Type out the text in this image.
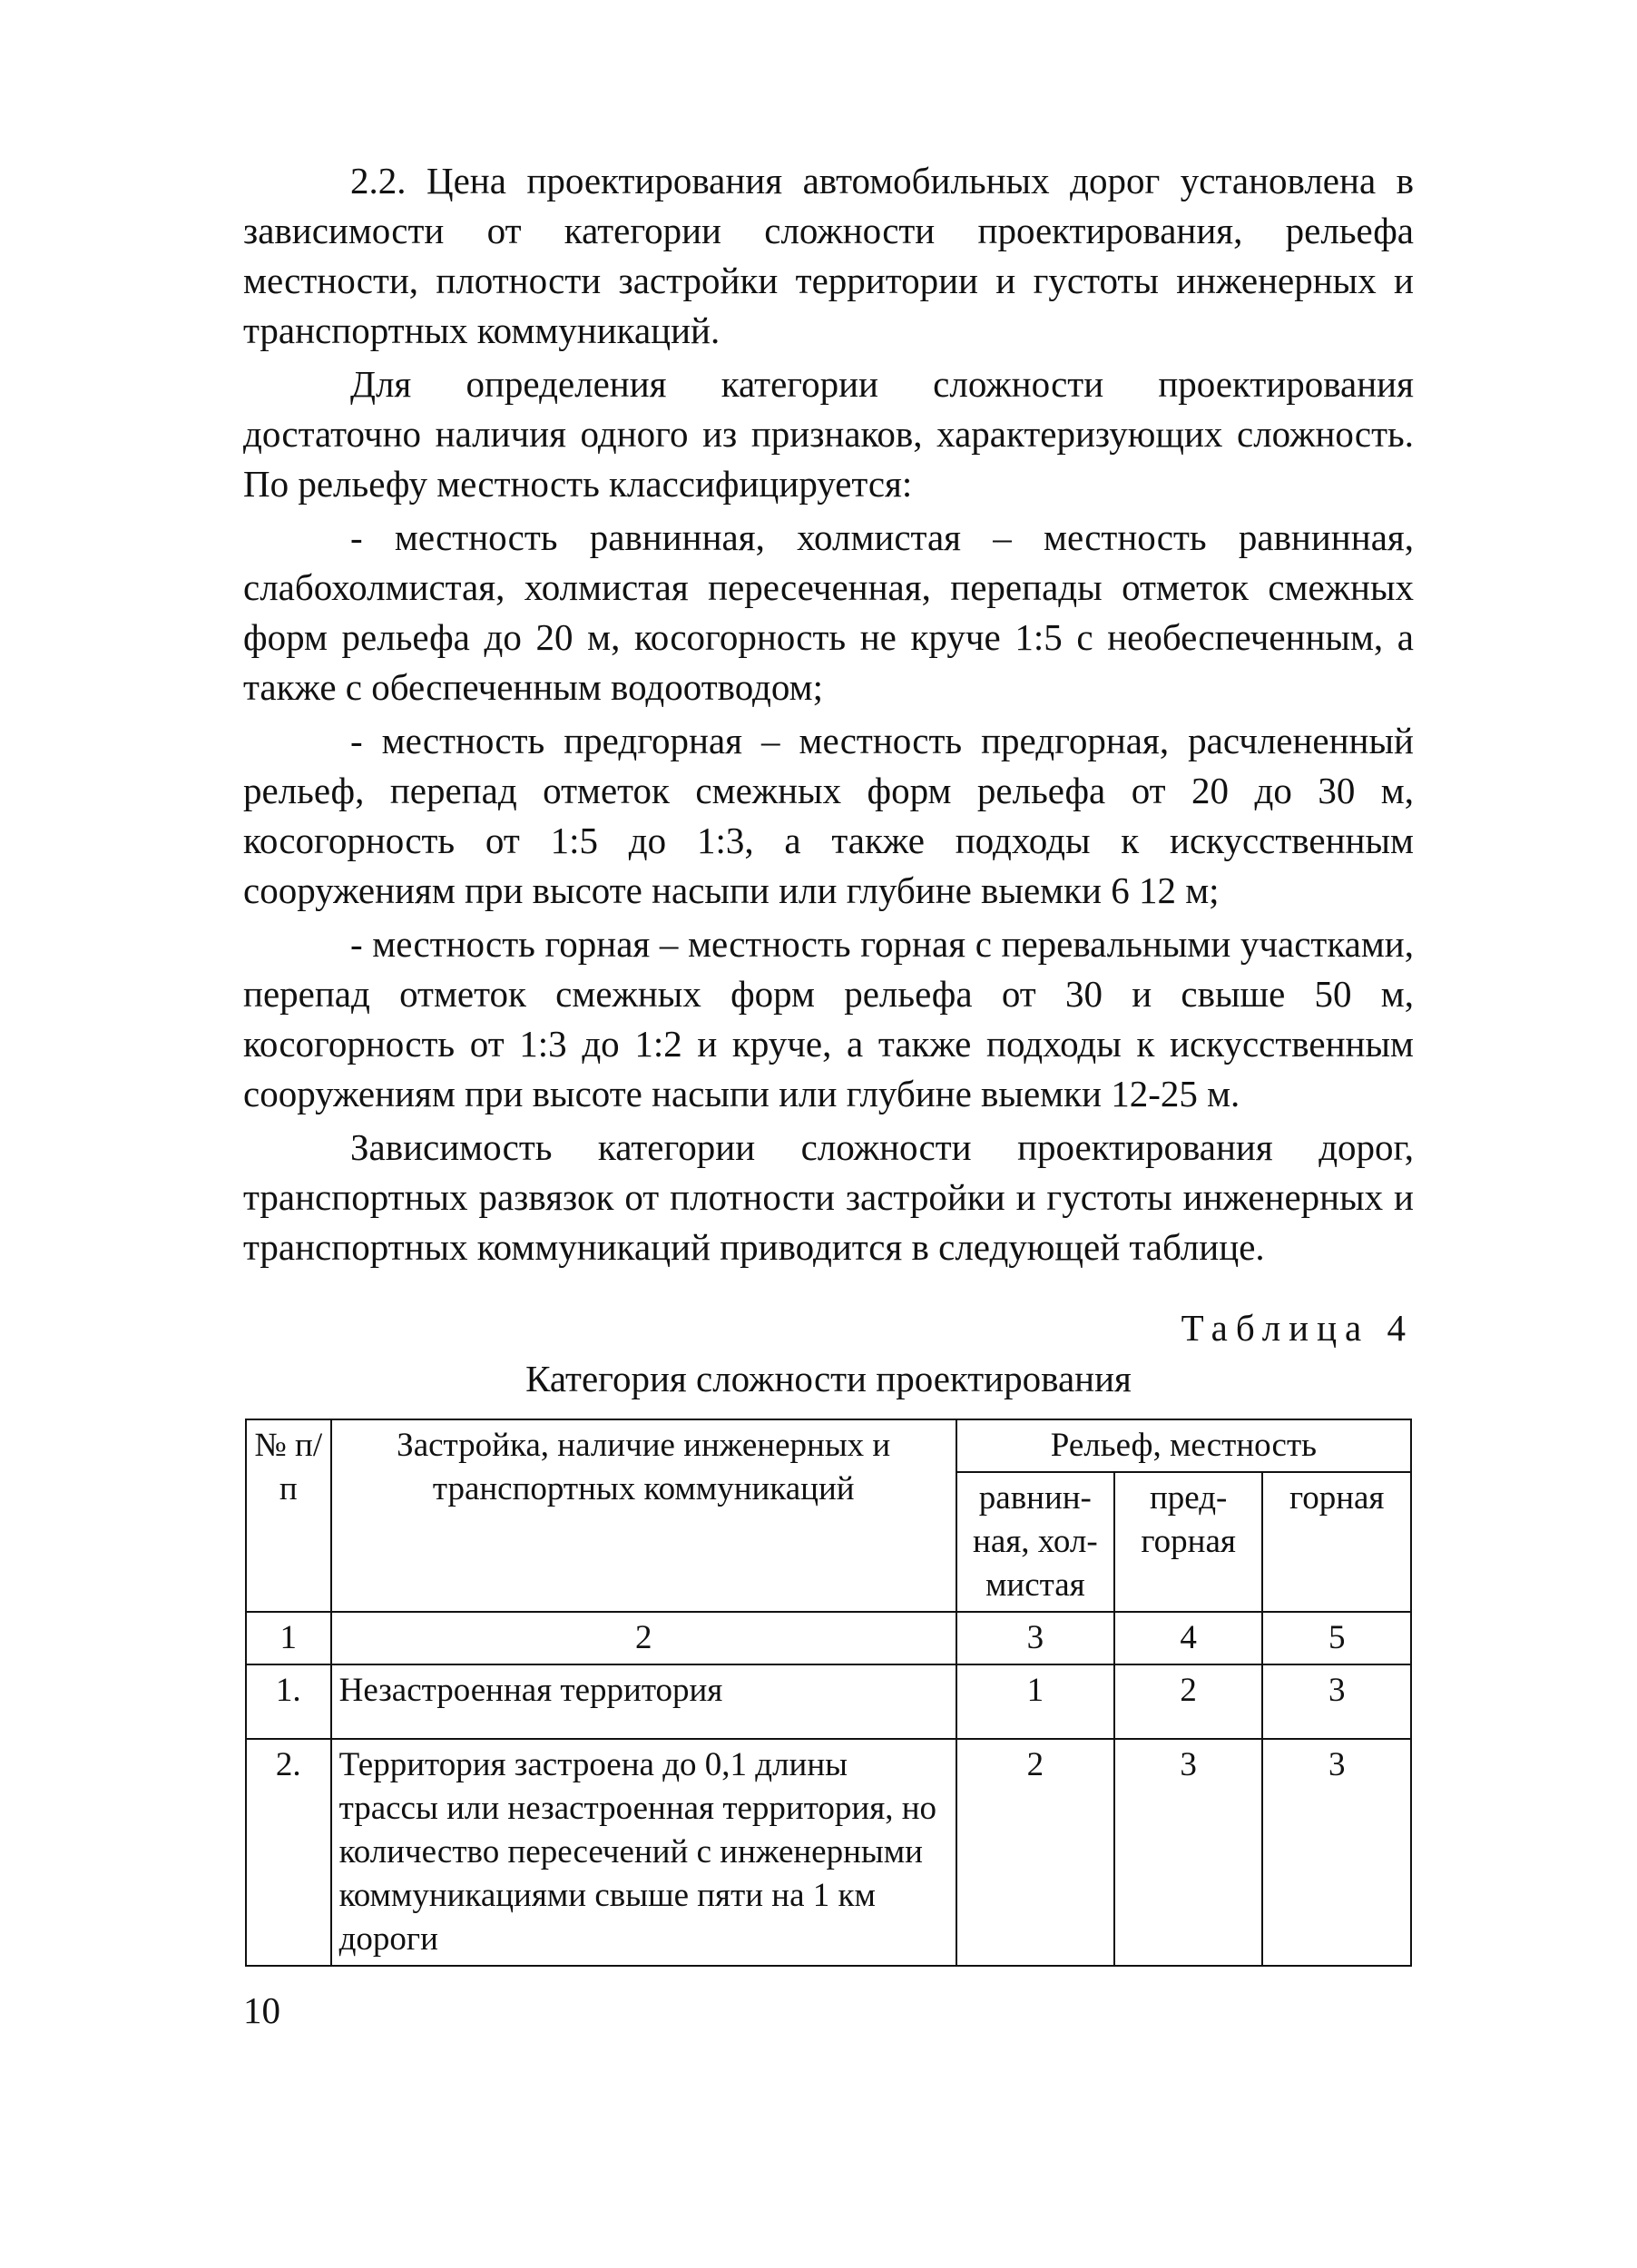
2.2. Цена проектирования автомобильных дорог установлена в зависимости от категории сложности проектирования, рельефа местности, плотности застройки территории и густоты инженерных и транспортных коммуникаций.

Для определения категории сложности проектирования достаточно наличия одного из признаков, характеризующих сложность. По рельефу местность классифицируется:

- местность равнинная, холмистая – местность равнинная, слабохолмистая, холмистая пересеченная, перепады отметок смежных форм рельефа до 20 м, косогорность не круче 1:5 с необеспеченным, а также с обеспеченным водоотводом;

- местность предгорная – местность предгорная, расчлененный рельеф, перепад отметок смежных форм рельефа от 20 до 30 м, косогорность от 1:5 до 1:3, а также подходы к искусственным сооружениям при высоте насыпи или глубине выемки 6 12 м;

- местность горная – местность горная с перевальными участками, перепад отметок смежных форм рельефа от 30 и свыше 50 м, косогорность от 1:3 до 1:2 и круче, а также подходы к искусственным сооружениям при высоте насыпи или глубине выемки 12-25 м.

Зависимость категории сложности проектирования дорог, транспортных развязок от плотности застройки и густоты инженерных и транспортных коммуникаций приводится в следующей таблице.

Таблица 4
Категория сложности проектирования
№ п/п	Застройка, наличие инженерных и транспортных коммуникаций	Рельеф, местность		
		равнин-ная, хол-мистая	пред-горная	горная
1	2	3	4	5
1.	Незастроенная территория	1	2	3
2.	Территория застроена до 0,1 длины трассы или незастроенная территория, но количество пересечений с инженерными коммуникациями свыше пяти на 1 км дороги	2	3	3
10
